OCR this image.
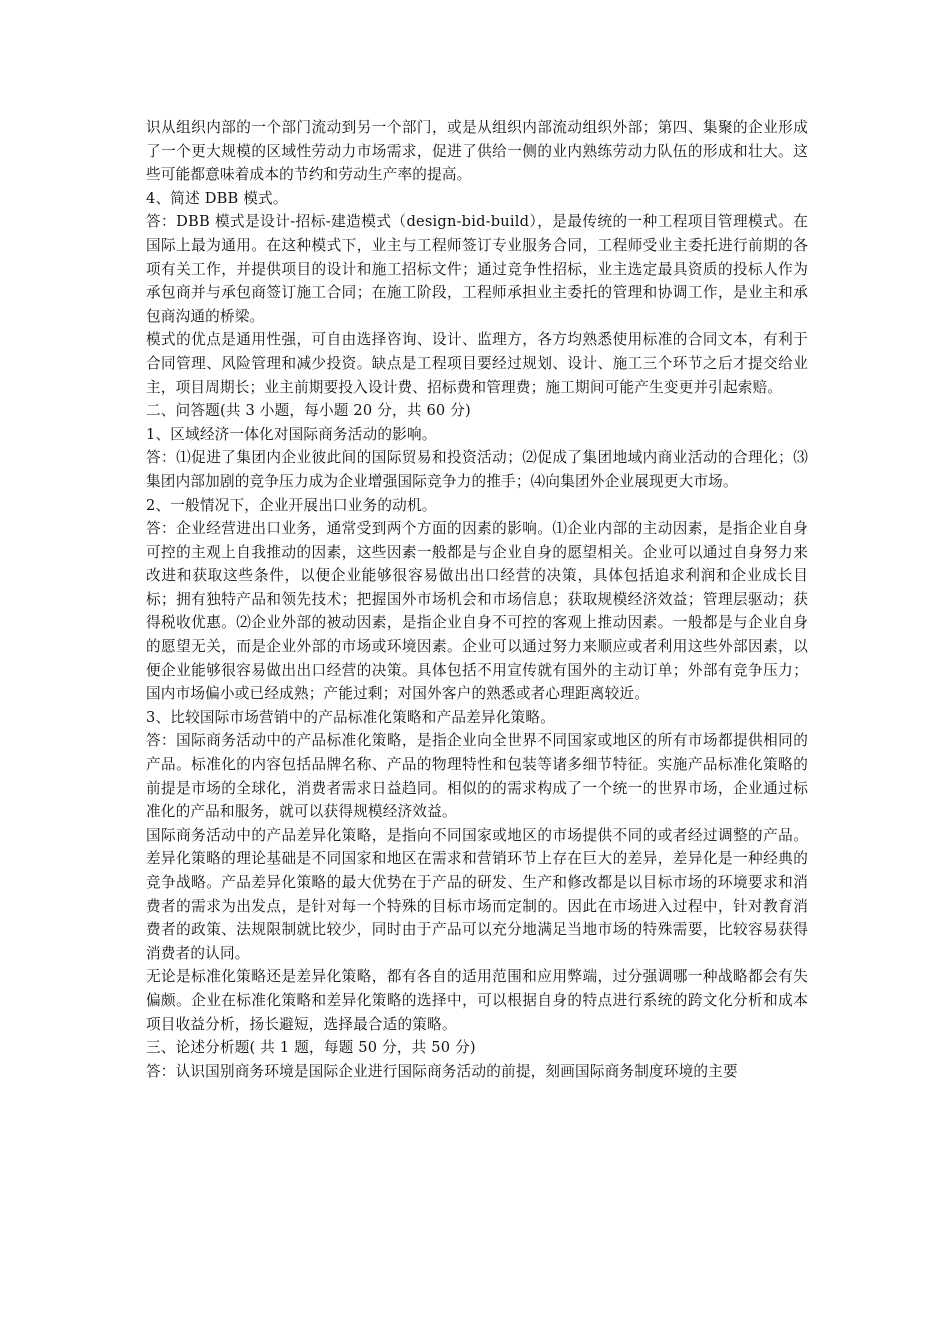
识从组织内部的一个部门流动到另一个部门，或是从组织内部流动组织外部；第四、集聚的企业形成了一个更大规模的区域性劳动力市场需求，促进了供给一侧的业内熟练劳动力队伍的形成和壮大。这些可能都意味着成本的节约和劳动生产率的提高。

4、简述 DBB 模式。

答：DBB 模式是设计-招标-建造模式（design-bid-build），是最传统的一种工程项目管理模式。在国际上最为通用。在这种模式下，业主与工程师签订专业服务合同，工程师受业主委托进行前期的各项有关工作，并提供项目的设计和施工招标文件；通过竞争性招标，业主选定最具资质的投标人作为承包商并与承包商签订施工合同；在施工阶段，工程师承担业主委托的管理和协调工作，是业主和承包商沟通的桥梁。

模式的优点是通用性强，可自由选择咨询、设计、监理方，各方均熟悉使用标准的合同文本，有利于合同管理、风险管理和减少投资。缺点是工程项目要经过规划、设计、施工三个环节之后才提交给业主，项目周期长；业主前期要投入设计费、招标费和管理费；施工期间可能产生变更并引起索赔。

二、问答题(共 3 小题，每小题 20 分，共 60 分)

1、区域经济一体化对国际商务活动的影响。

答：⑴促进了集团内企业彼此间的国际贸易和投资活动；⑵促成了集团地域内商业活动的合理化；⑶集团内部加剧的竞争压力成为企业增强国际竞争力的推手；⑷向集团外企业展现更大市场。

2、一般情况下，企业开展出口业务的动机。

答：企业经营进出口业务，通常受到两个方面的因素的影响。⑴企业内部的主动因素，是指企业自身可控的主观上自我推动的因素，这些因素一般都是与企业自身的愿望相关。企业可以通过自身努力来改进和获取这些条件，以便企业能够很容易做出出口经营的决策，具体包括追求利润和企业成长目标；拥有独特产品和领先技术；把握国外市场机会和市场信息；获取规模经济效益；管理层驱动；获得税收优惠。⑵企业外部的被动因素，是指企业自身不可控的客观上推动因素。一般都是与企业自身的愿望无关，而是企业外部的市场或环境因素。企业可以通过努力来顺应或者利用这些外部因素，以便企业能够很容易做出出口经营的决策。具体包括不用宣传就有国外的主动订单；外部有竞争压力；国内市场偏小或已经成熟；产能过剩；对国外客户的熟悉或者心理距离较近。

3、比较国际市场营销中的产品标准化策略和产品差异化策略。

答：国际商务活动中的产品标准化策略，是指企业向全世界不同国家或地区的所有市场都提供相同的产品。标准化的内容包括品牌名称、产品的物理特性和包装等诸多细节特征。实施产品标准化策略的前提是市场的全球化，消费者需求日益趋同。相似的的需求构成了一个统一的世界市场，企业通过标准化的产品和服务，就可以获得规模经济效益。

国际商务活动中的产品差异化策略，是指向不同国家或地区的市场提供不同的或者经过调整的产品。差异化策略的理论基础是不同国家和地区在需求和营销环节上存在巨大的差异，差异化是一种经典的竞争战略。产品差异化策略的最大优势在于产品的研发、生产和修改都是以目标市场的环境要求和消费者的需求为出发点，是针对每一个特殊的目标市场而定制的。因此在市场进入过程中，针对教育消费者的政策、法规限制就比较少，同时由于产品可以充分地满足当地市场的特殊需要，比较容易获得消费者的认同。

无论是标准化策略还是差异化策略，都有各自的适用范围和应用弊端，过分强调哪一种战略都会有失偏颇。企业在标准化策略和差异化策略的选择中，可以根据自身的特点进行系统的跨文化分析和成本项目收益分析，扬长避短，选择最合适的策略。

三、论述分析题( 共 1 题，每题 50 分，共 50 分)

答：认识国别商务环境是国际企业进行国际商务活动的前提，刻画国际商务制度环境的主要
